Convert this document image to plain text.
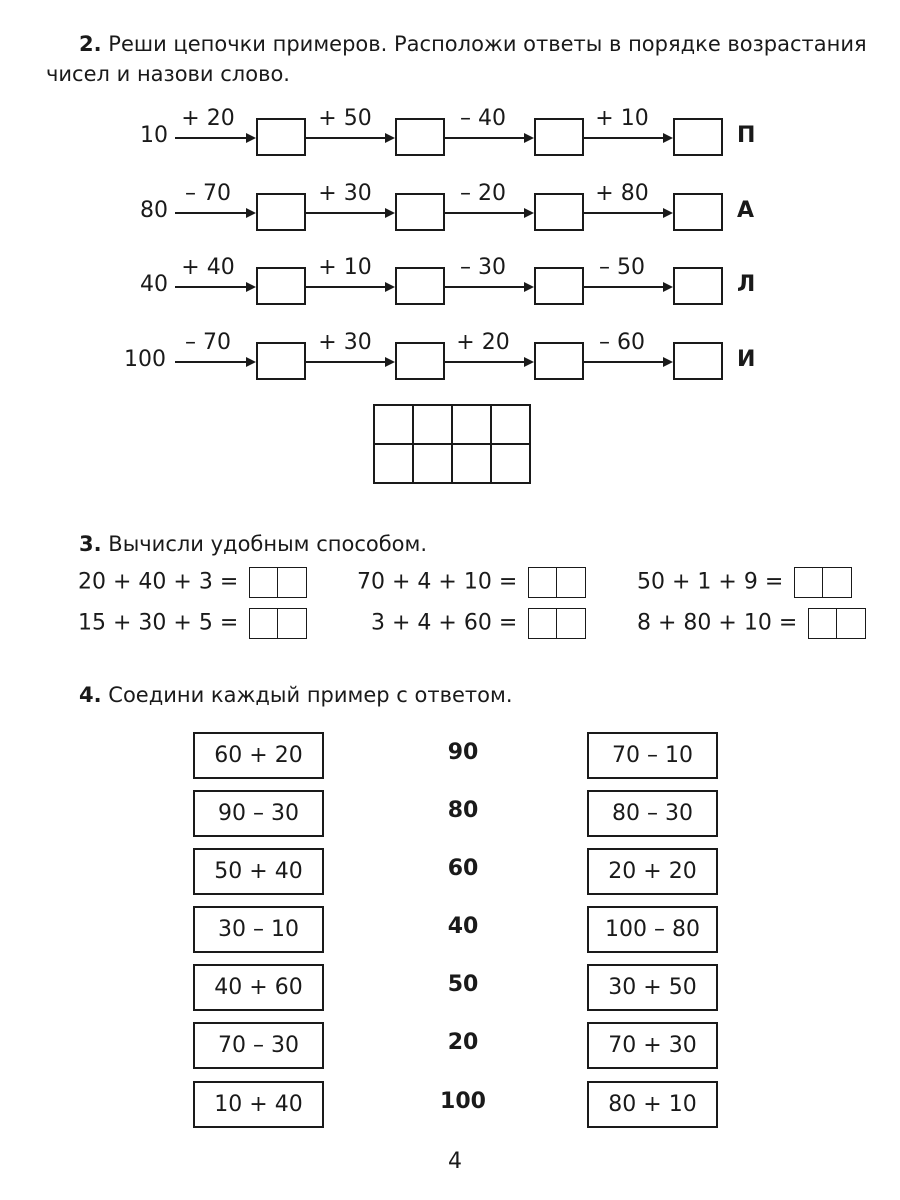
2. Реши цепочки примеров. Расположи ответы в порядке возрастания
чисел и назови слово.
10
+ 20	+ 50	– 40	+ 10
П
80
– 70	+ 30	– 20	+ 80
А
40
+ 40	+ 10	– 30	– 50
Л
100
– 70	+ 30	+ 20	– 60
И

3. Вычисли удобным способом.
20 + 40 + 3 =	70 + 4 + 10 =	50 + 1 + 9 =
15 + 30 + 5 =	3 + 4 + 60 =	8 + 80 + 10 =
4. Соедини каждый пример с ответом.
60 + 20	90	70 – 10
90 – 30	80	80 – 30
50 + 40	60	20 + 20
30 – 10	40	100 – 80
40 + 60	50	30 + 50
70 – 30	20	70 + 30
10 + 40	100	80 + 10
4
